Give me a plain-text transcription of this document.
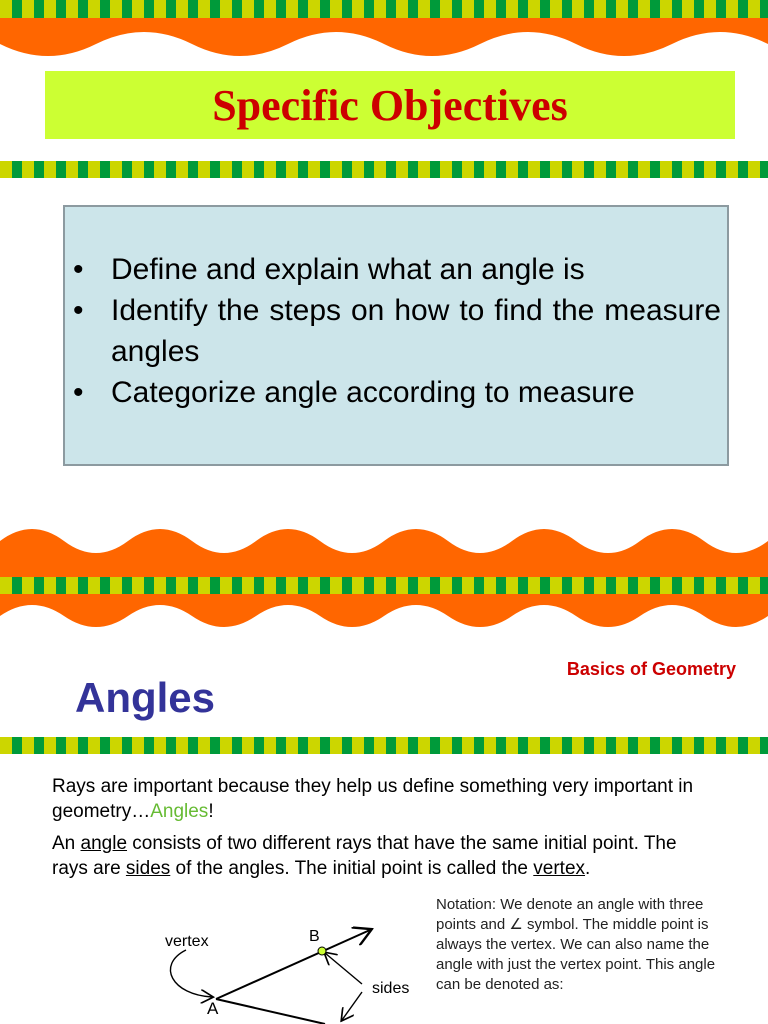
Specific Objectives
• Define and explain what an angle is
• Identify the steps on how to find the measure angles
• Categorize angle according to measure
Basics of Geometry
Angles
Rays are important because they help us define something very important in geometry…Angles!
An angle consists of two different rays that have the same initial point. The rays are sides of the angles. The initial point is called the vertex.
Notation: We denote an angle with three points and ∠ symbol. The middle point is always the vertex. We can also name the angle with just the vertex point. This angle can be denoted as:
vertex	B
A
sides
